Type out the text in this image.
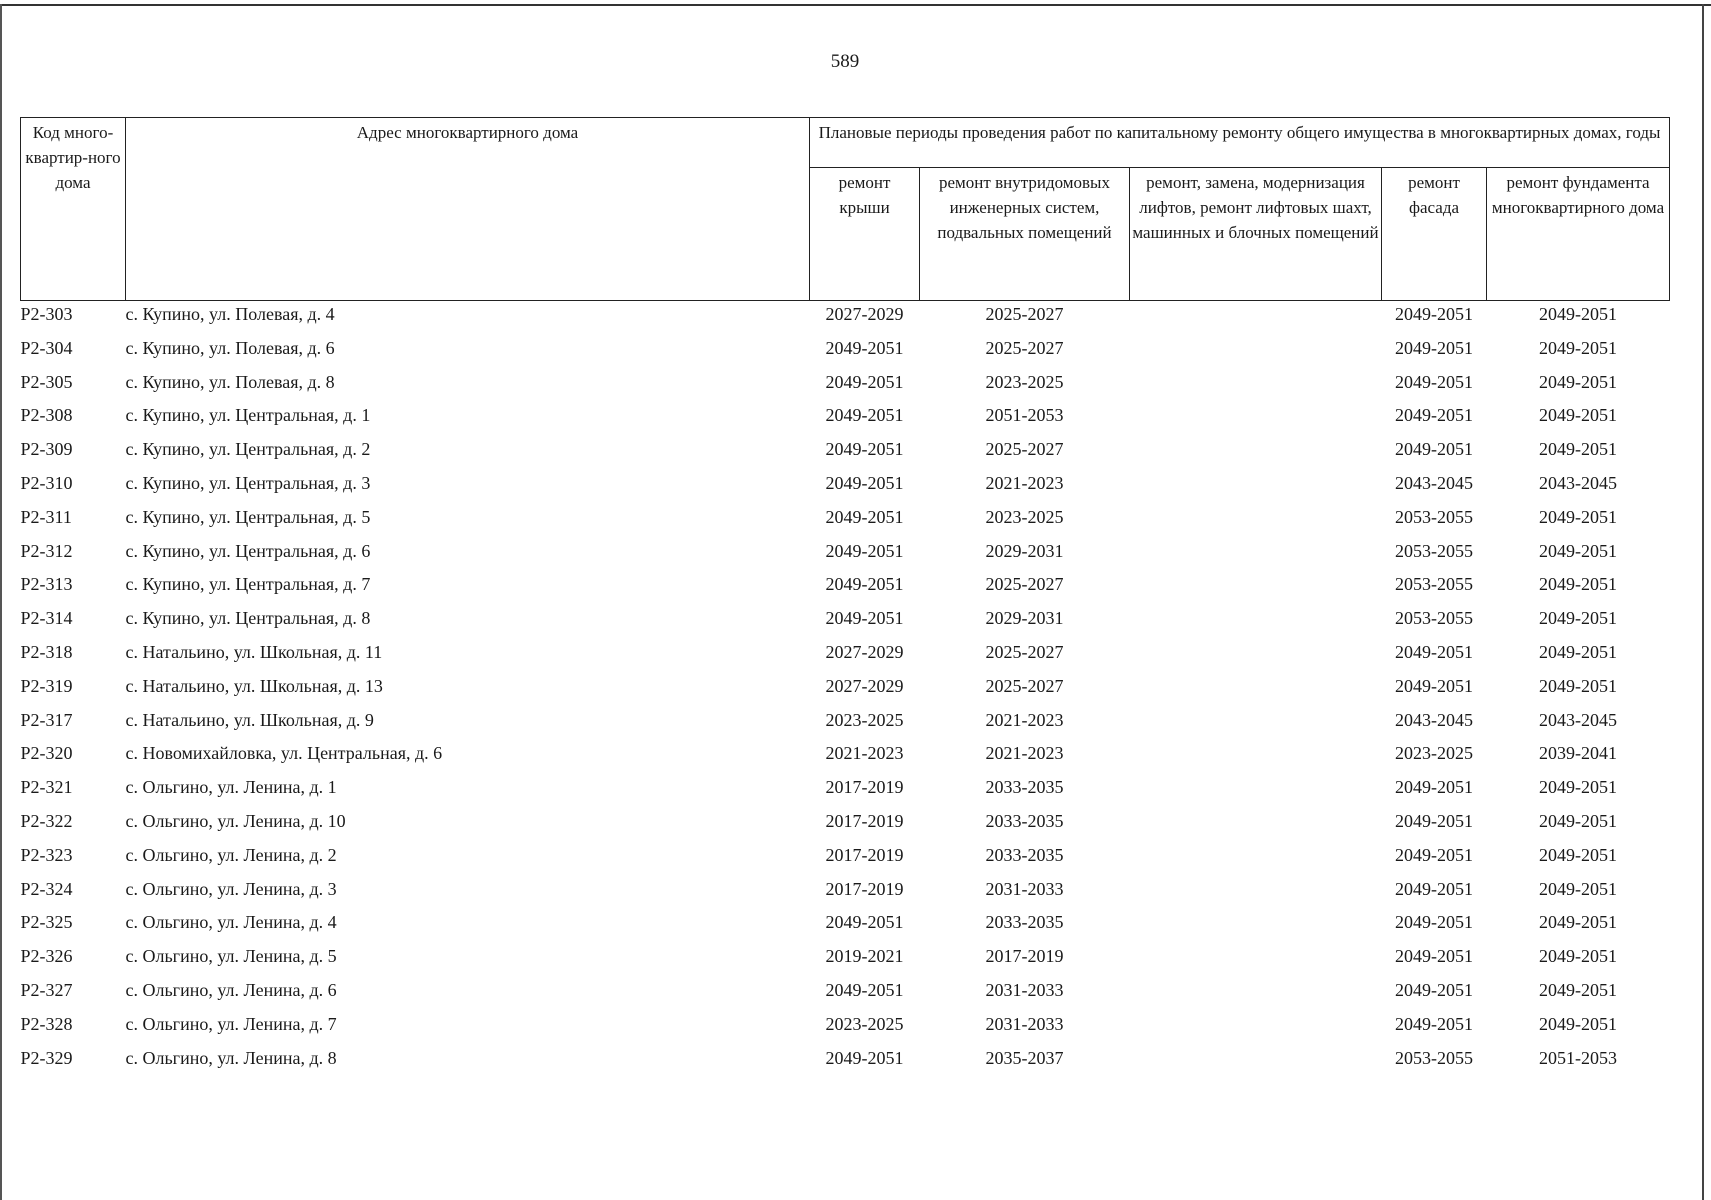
589
Код много-квартир-ного дома	Адрес многоквартирного дома	Плановые периоды проведения работ по капитальному ремонту общего имущества в многоквартирных домах, годы				
		ремонт крыши	ремонт внутридомовых инженерных систем, подвальных помещений	ремонт, замена, модернизация лифтов, ремонт лифтовых шахт, машинных и блочных помещений	ремонт фасада	ремонт фундамента многоквартирного дома
P2-303	с. Купино, ул. Полевая, д. 4	2027-2029	2025-2027		2049-2051	2049-2051
P2-304	с. Купино, ул. Полевая, д. 6	2049-2051	2025-2027		2049-2051	2049-2051
P2-305	с. Купино, ул. Полевая, д. 8	2049-2051	2023-2025		2049-2051	2049-2051
P2-308	с. Купино, ул. Центральная, д. 1	2049-2051	2051-2053		2049-2051	2049-2051
P2-309	с. Купино, ул. Центральная, д. 2	2049-2051	2025-2027		2049-2051	2049-2051
P2-310	с. Купино, ул. Центральная, д. 3	2049-2051	2021-2023		2043-2045	2043-2045
P2-311	с. Купино, ул. Центральная, д. 5	2049-2051	2023-2025		2053-2055	2049-2051
P2-312	с. Купино, ул. Центральная, д. 6	2049-2051	2029-2031		2053-2055	2049-2051
P2-313	с. Купино, ул. Центральная, д. 7	2049-2051	2025-2027		2053-2055	2049-2051
P2-314	с. Купино, ул. Центральная, д. 8	2049-2051	2029-2031		2053-2055	2049-2051
P2-318	с. Натальино, ул. Школьная, д. 11	2027-2029	2025-2027		2049-2051	2049-2051
P2-319	с. Натальино, ул. Школьная, д. 13	2027-2029	2025-2027		2049-2051	2049-2051
P2-317	с. Натальино, ул. Школьная, д. 9	2023-2025	2021-2023		2043-2045	2043-2045
P2-320	с. Новомихайловка, ул. Центральная, д. 6	2021-2023	2021-2023		2023-2025	2039-2041
P2-321	с. Ольгино, ул. Ленина, д. 1	2017-2019	2033-2035		2049-2051	2049-2051
P2-322	с. Ольгино, ул. Ленина, д. 10	2017-2019	2033-2035		2049-2051	2049-2051
P2-323	с. Ольгино, ул. Ленина, д. 2	2017-2019	2033-2035		2049-2051	2049-2051
P2-324	с. Ольгино, ул. Ленина, д. 3	2017-2019	2031-2033		2049-2051	2049-2051
P2-325	с. Ольгино, ул. Ленина, д. 4	2049-2051	2033-2035		2049-2051	2049-2051
P2-326	с. Ольгино, ул. Ленина, д. 5	2019-2021	2017-2019		2049-2051	2049-2051
P2-327	с. Ольгино, ул. Ленина, д. 6	2049-2051	2031-2033		2049-2051	2049-2051
P2-328	с. Ольгино, ул. Ленина, д. 7	2023-2025	2031-2033		2049-2051	2049-2051
P2-329	с. Ольгино, ул. Ленина, д. 8	2049-2051	2035-2037		2053-2055	2051-2053
